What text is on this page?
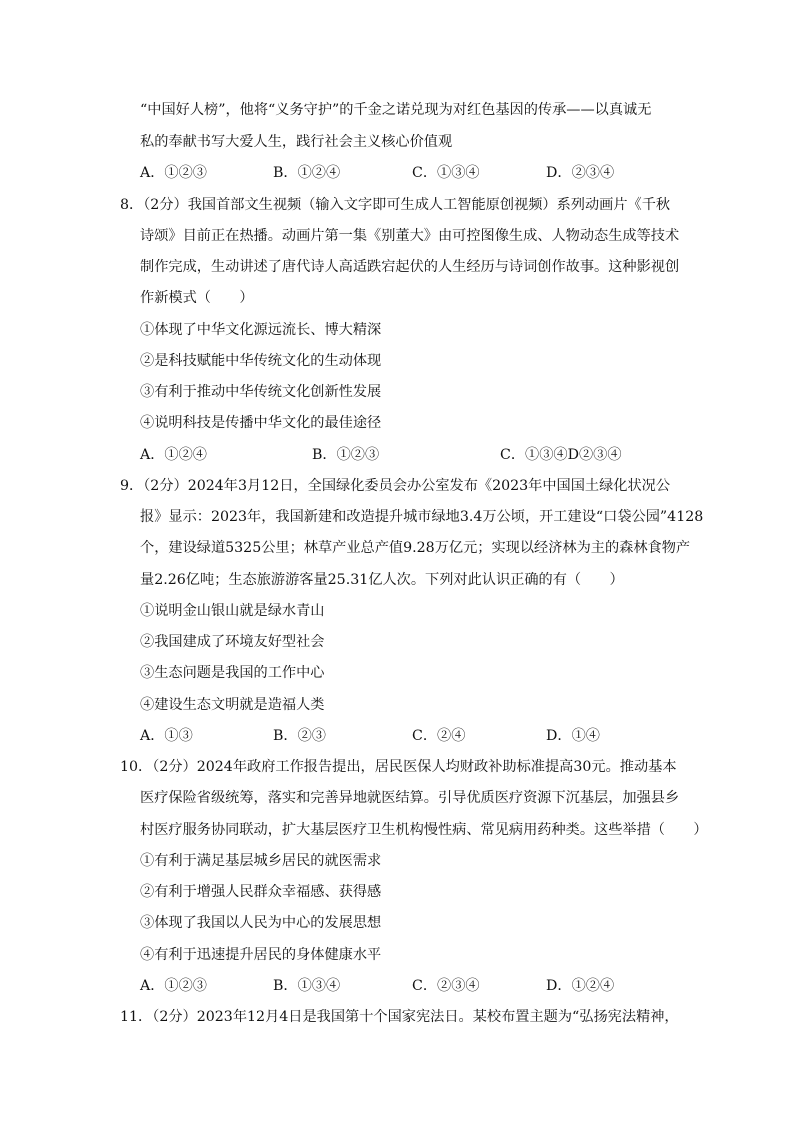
“中国好人榜”，他将“义务守护”的千金之诺兑现为对红色基因的传承——以真诚无
私的奉献书写大爱人生，践行社会主义核心价值观
A．①②③	B．①②④	C．①③④	D．②③④
8．（2分）我国首部文生视频（输入文字即可生成人工智能原创视频）系列动画片《千秋
诗颂》目前正在热播。动画片第一集《别董大》由可控图像生成、人物动态生成等技术
制作完成，生动讲述了唐代诗人高适跌宕起伏的人生经历与诗词创作故事。这种影视创
作新模式（　　）
①体现了中华文化源远流长、博大精深
②是科技赋能中华传统文化的生动体现
③有利于推动中华传统文化创新性发展
④说明科技是传播中华文化的最佳途径
A．①②④	B．①②③	C．①③④D②③④
9．（2分）2024年3月12日，全国绿化委员会办公室发布《2023年中国国土绿化状况公
报》显示：2023年，我国新建和改造提升城市绿地3.4万公顷，开工建设“口袋公园”4128
个，建设绿道5325公里；林草产业总产值9.28万亿元；实现以经济林为主的森林食物产
量2.26亿吨；生态旅游游客量25.31亿人次。下列对此认识正确的有（　　）
①说明金山银山就是绿水青山
②我国建成了环境友好型社会
③生态问题是我国的工作中心
④建设生态文明就是造福人类
A．①③	B．②③	C．②④	D．①④
10．（2分）2024年政府工作报告提出，居民医保人均财政补助标准提高30元。推动基本
医疗保险省级统筹，落实和完善异地就医结算。引导优质医疗资源下沉基层，加强县乡
村医疗服务协同联动，扩大基层医疗卫生机构慢性病、常见病用药种类。这些举措（　　）
①有利于满足基层城乡居民的就医需求
②有利于增强人民群众幸福感、获得感
③体现了我国以人民为中心的发展思想
④有利于迅速提升居民的身体健康水平
A．①②③	B．①③④	C．②③④	D．①②④
11．（2分）2023年12月4日是我国第十个国家宪法日。某校布置主题为“弘扬宪法精神，
